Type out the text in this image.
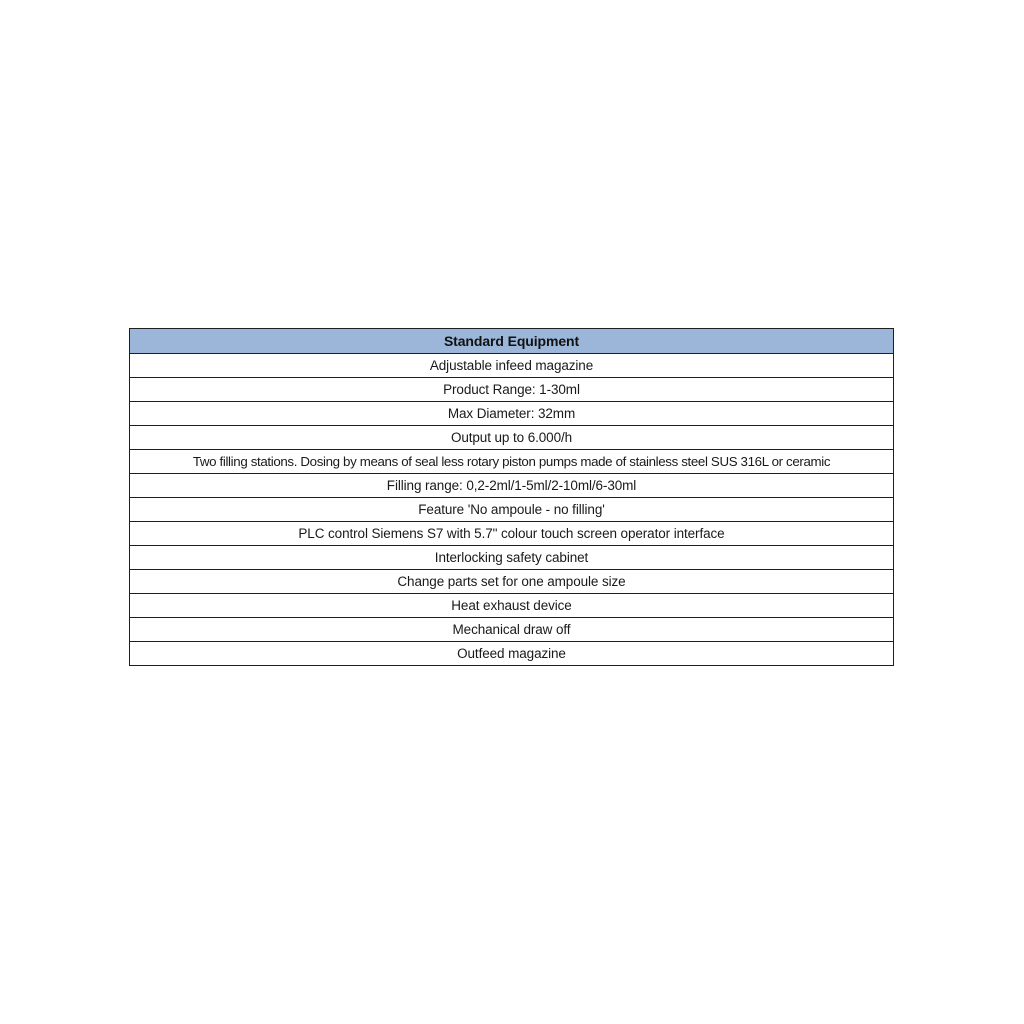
Standard Equipment
Adjustable infeed magazine
Product Range: 1-30ml
Max Diameter: 32mm
Output up to 6.000/h
Two filling stations. Dosing by means of seal less rotary piston pumps made of stainless steel SUS 316L or ceramic
Filling range: 0,2-2ml/1-5ml/2-10ml/6-30ml
Feature 'No ampoule - no filling'
PLC control Siemens S7 with 5.7" colour touch screen operator interface
Interlocking safety cabinet
Change parts set for one ampoule size
Heat exhaust device
Mechanical draw off
Outfeed magazine
